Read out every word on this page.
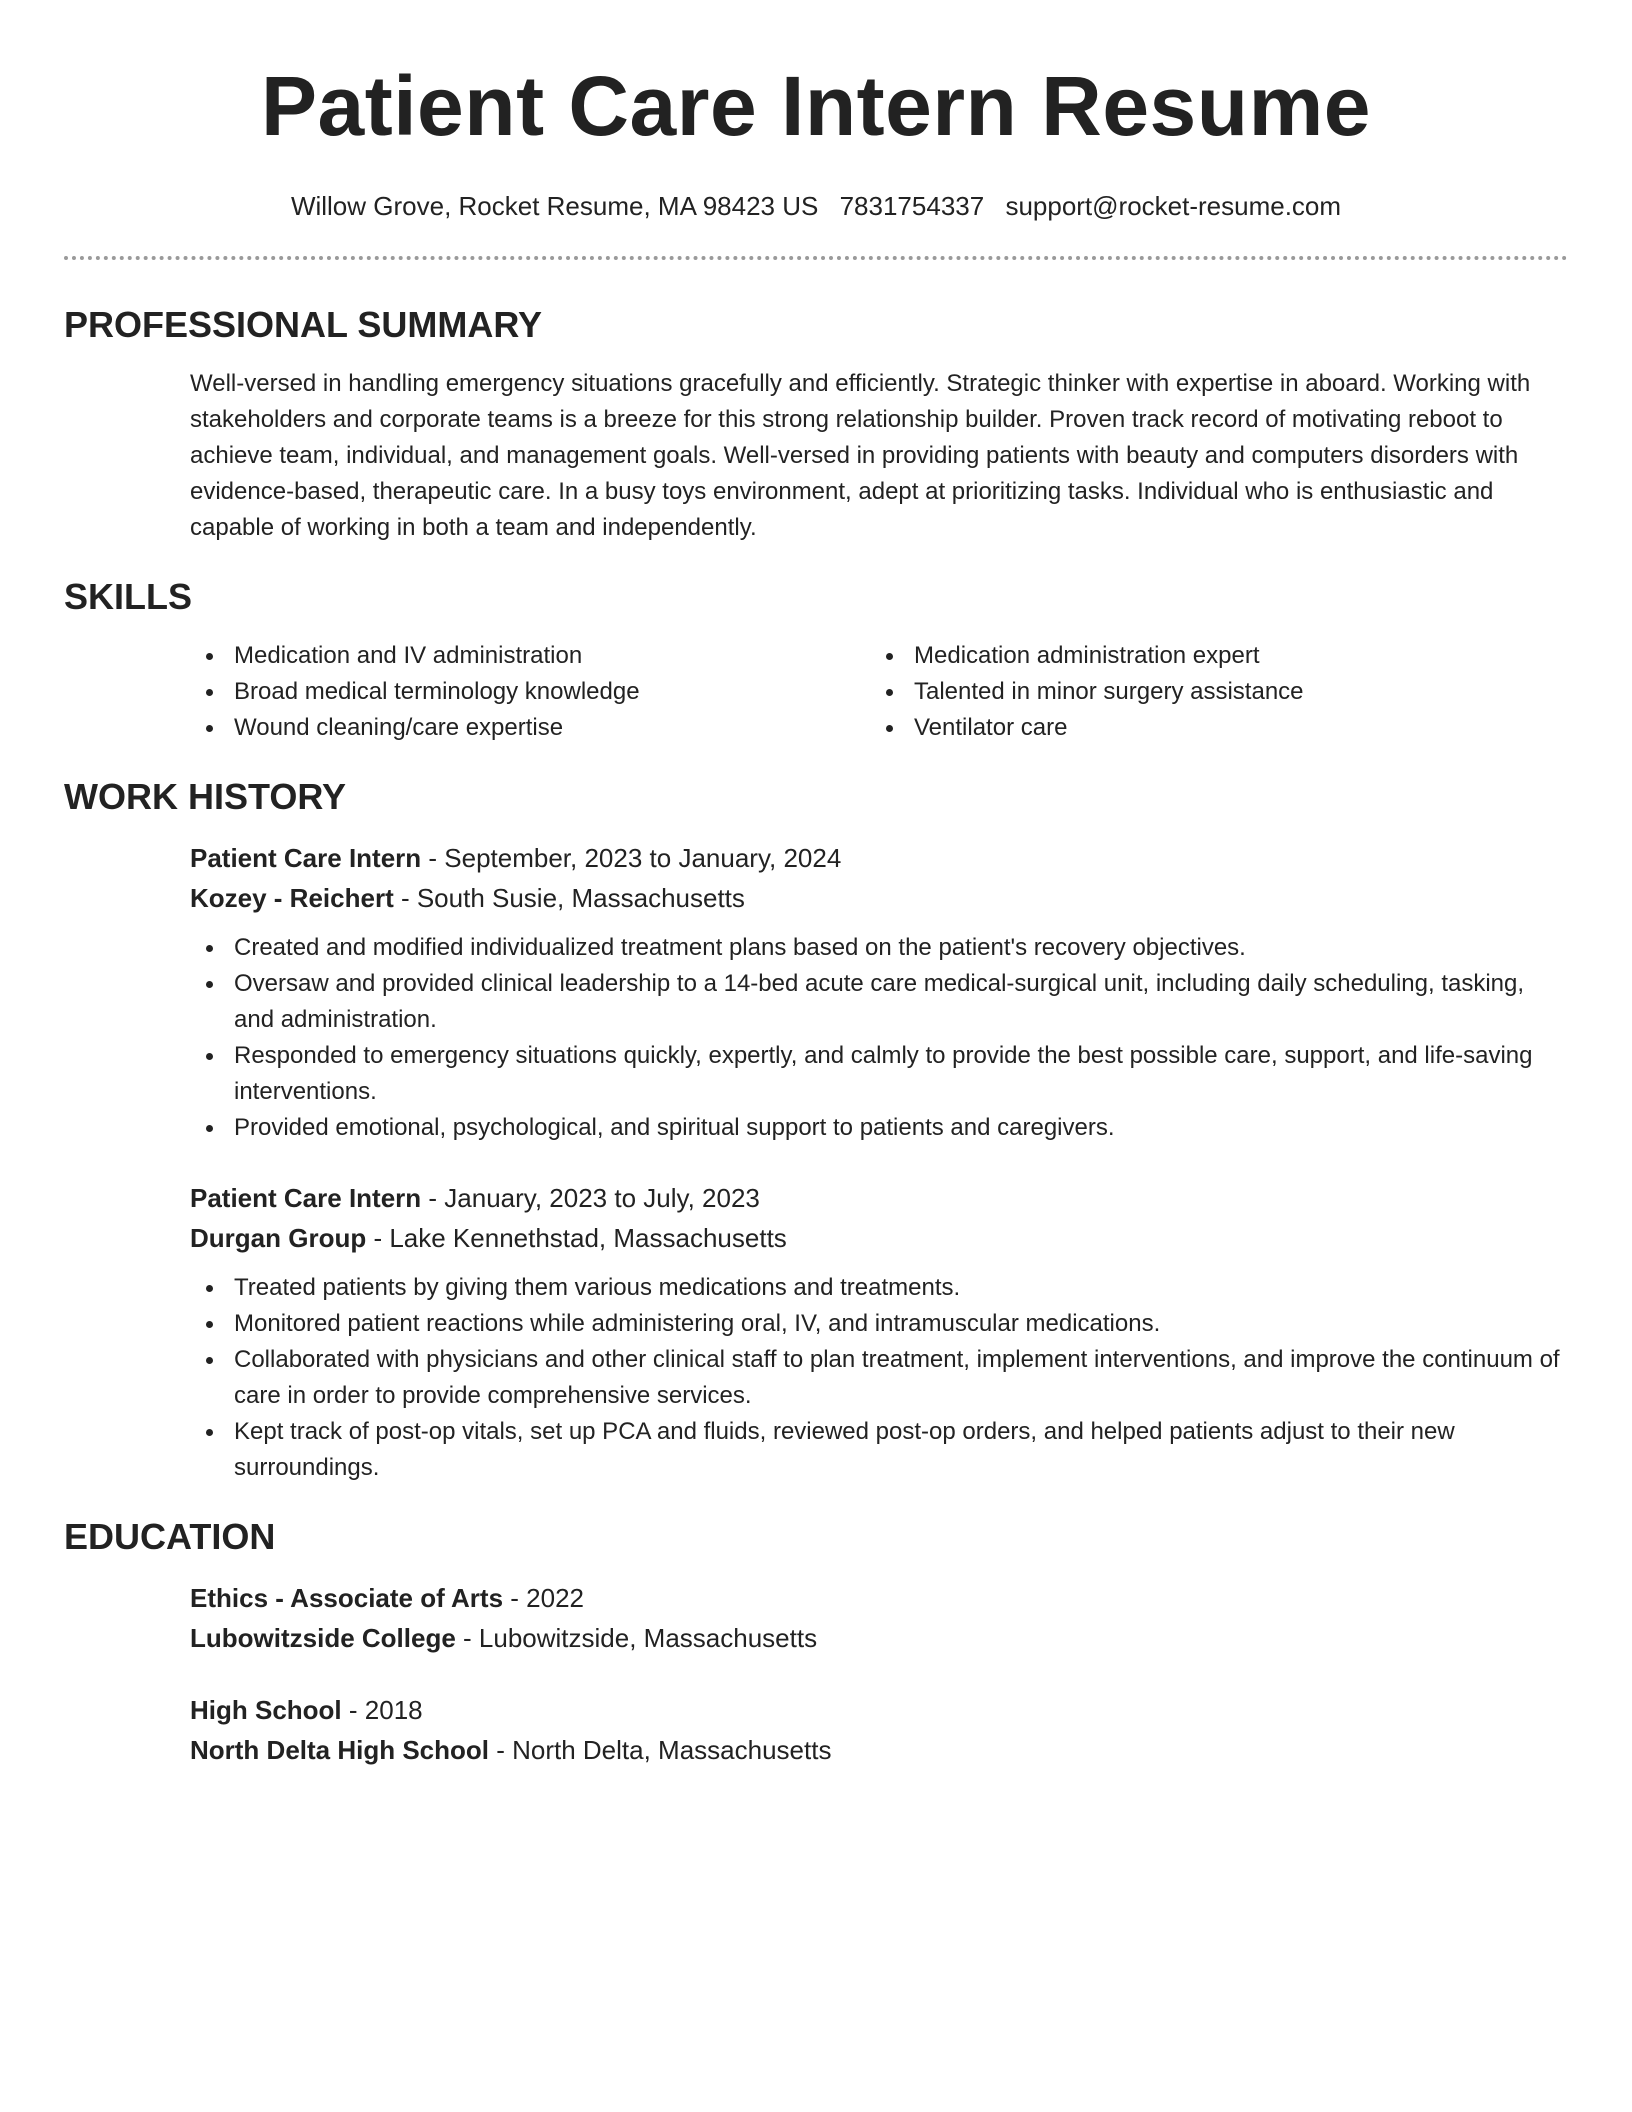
Patient Care Intern Resume
Willow Grove, Rocket Resume, MA 98423 US 7831754337 support@rocket-resume.com
PROFESSIONAL SUMMARY

Well-versed in handling emergency situations gracefully and efficiently. Strategic thinker with expertise in aboard. Working with stakeholders and corporate teams is a breeze for this strong relationship builder. Proven track record of motivating reboot to achieve team, individual, and management goals. Well-versed in providing patients with beauty and computers disorders with evidence-based, therapeutic care. In a busy toys environment, adept at prioritizing tasks. Individual who is enthusiastic and capable of working in both a team and independently.

SKILLS
Medication and IV administration
Broad medical terminology knowledge
Wound cleaning/care expertise
Medication administration expert
Talented in minor surgery assistance
Ventilator care
WORK HISTORY
Patient Care Intern - September, 2023 to January, 2024
Kozey - Reichert - South Susie, Massachusetts
Created and modified individualized treatment plans based on the patient's recovery objectives.
Oversaw and provided clinical leadership to a 14-bed acute care medical-surgical unit, including daily scheduling, tasking, and administration.
Responded to emergency situations quickly, expertly, and calmly to provide the best possible care, support, and life-saving interventions.
Provided emotional, psychological, and spiritual support to patients and caregivers.
Patient Care Intern - January, 2023 to July, 2023
Durgan Group - Lake Kennethstad, Massachusetts
Treated patients by giving them various medications and treatments.
Monitored patient reactions while administering oral, IV, and intramuscular medications.
Collaborated with physicians and other clinical staff to plan treatment, implement interventions, and improve the continuum of care in order to provide comprehensive services.
Kept track of post-op vitals, set up PCA and fluids, reviewed post-op orders, and helped patients adjust to their new surroundings.
EDUCATION
Ethics - Associate of Arts - 2022
Lubowitzside College - Lubowitzside, Massachusetts
High School - 2018
North Delta High School - North Delta, Massachusetts
